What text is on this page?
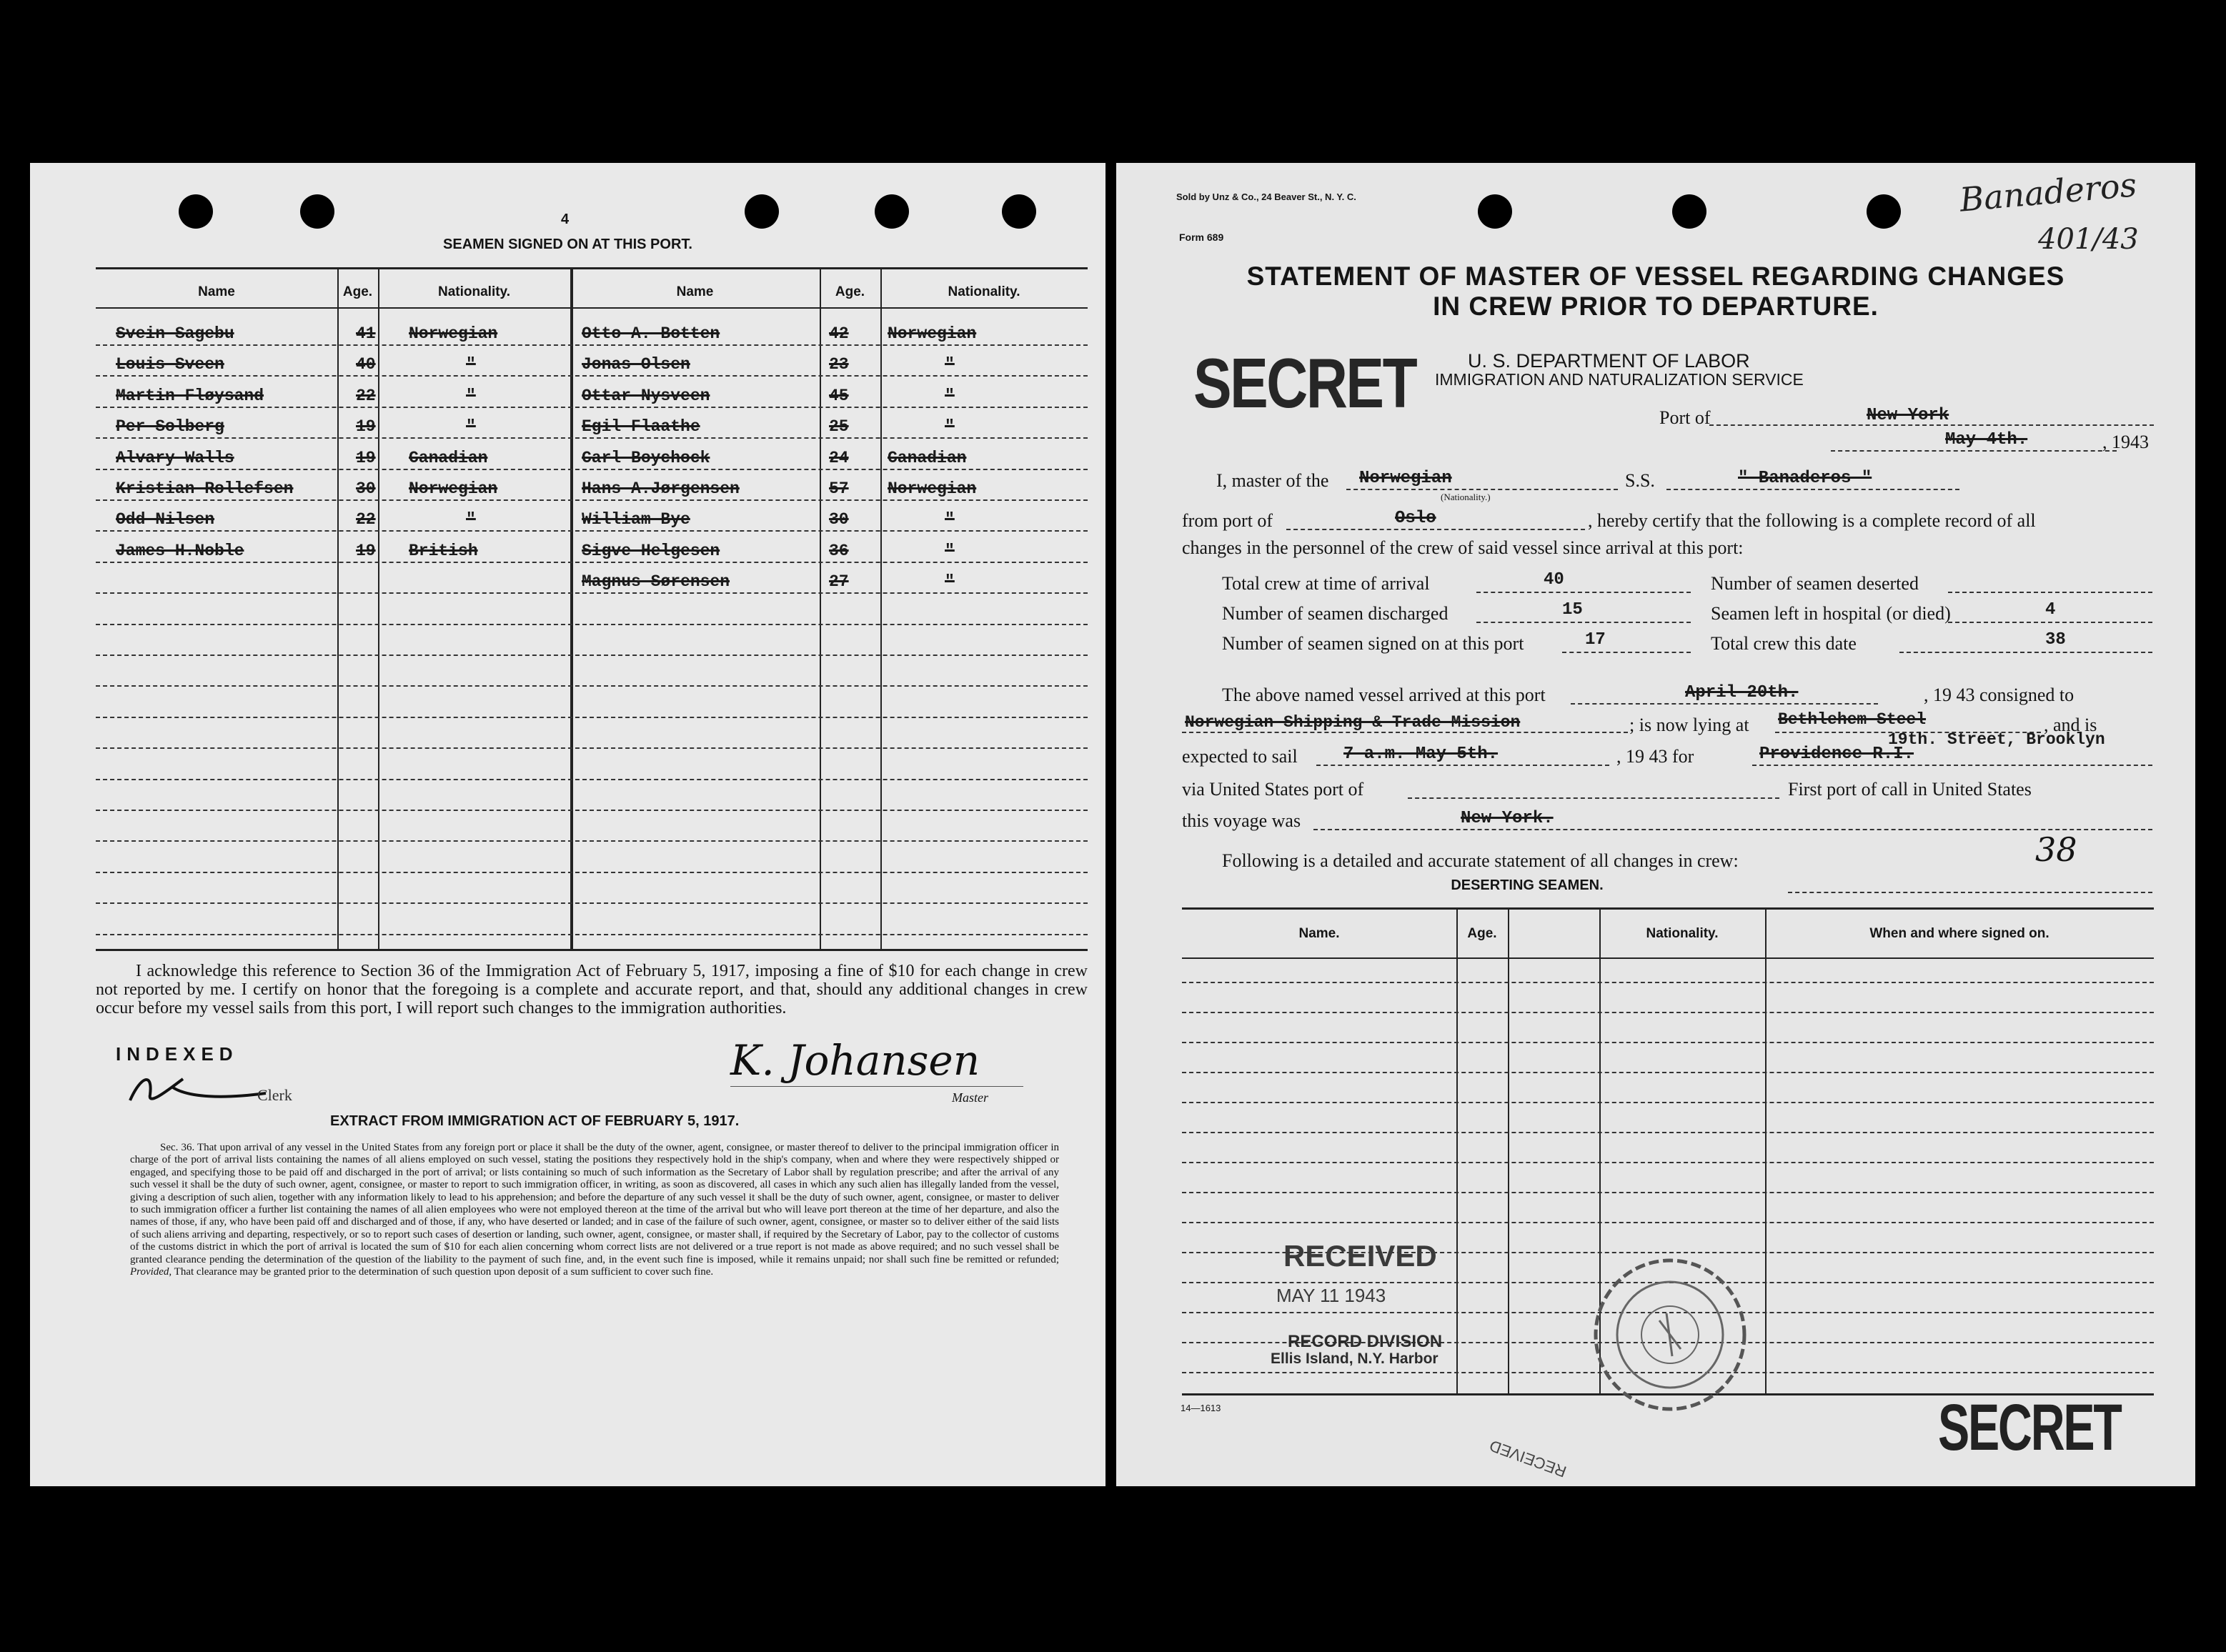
4
SEAMEN SIGNED ON AT THIS PORT.
Name	Age.	Nationality.	Name	Age.	Nationality.
Svein Sagebu	41 Norwegian
Louis Sveen	40	"
Martin Fløysand	22	"
Per Solberg	19	"
Alvary Walls	19 Canadian
Kristian Rollefsen	30 Norwegian
Odd Nilsen	22	"
James H.Noble	19 British
Otto A. Botten	42 Norwegian
Jonas Olsen	23	"
Ottar Nysveen	45	"
Egil Flaathe	25	"
Carl Boychock	24 Canadian
Hans A.Jørgensen	57 Norwegian
William Bye	30	"
Sigve Helgesen	36	"
Magnus Sørensen	27	"
I acknowledge this reference to Section 36 of the Immigration Act of February 5, 1917, imposing a fine of $10 for each change in crew not reported by me. I certify on honor that the foregoing is a complete and accurate report, and that, should any additional changes in crew occur before my vessel sails from this port, I will report such changes to the immigration authorities.
INDEXED
Clerk
K. Johansen
Master
EXTRACT FROM IMMIGRATION ACT OF FEBRUARY 5, 1917.
Sec. 36. That upon arrival of any vessel in the United States from any foreign port or place it shall be the duty of the owner, agent, consignee, or master thereof to deliver to the principal immigration officer in charge of the port of arrival lists containing the names of all aliens employed on such vessel, stating the positions they respectively hold in the ship's company, when and where they were respectively shipped or engaged, and specifying those to be paid off and discharged in the port of arrival; or lists containing so much of such information as the Secretary of Labor shall by regulation prescribe; and after the arrival of any such vessel it shall be the duty of such owner, agent, consignee, or master to report to such immigration officer, in writing, as soon as discovered, all cases in which any such alien has illegally landed from the vessel, giving a description of such alien, together with any information likely to lead to his apprehension; and before the departure of any such vessel it shall be the duty of such owner, agent, consignee, or master to deliver to such immigration officer a further list containing the names of all alien employees who were not employed thereon at the time of the arrival but who will leave port thereon at the time of her departure, and also the names of those, if any, who have been paid off and discharged and of those, if any, who have deserted or landed; and in case of the failure of such owner, agent, consignee, or master so to deliver either of the said lists of such aliens arriving and departing, respectively, or so to report such cases of desertion or landing, such owner, agent, consignee, or master shall, if required by the Secretary of Labor, pay to the collector of customs of the customs district in which the port of arrival is located the sum of $10 for each alien concerning whom correct lists are not delivered or a true report is not made as above required; and no such vessel shall be granted clearance pending the determination of the question of the liability to the payment of such fine, and, in the event such fine is imposed, while it remains unpaid; nor shall such fine be remitted or refunded; Provided, That clearance may be granted prior to the determination of such question upon deposit of a sum sufficient to cover such fine.
Sold by Unz & Co., 24 Beaver St., N. Y. C.	Banaderos
401/43
Form 689
STATEMENT OF MASTER OF VESSEL REGARDING CHANGES
IN CREW PRIOR TO DEPARTURE.
SECRET	U. S. DEPARTMENT OF LABOR
IMMIGRATION AND NATURALIZATION SERVICE
Port of	New York
May 4th.	, 1943
I, master of the Norwegian
(Nationality.)
S.S.	" Banaderos "
from port of	Oslo	, hereby certify that the following is a complete record of all
changes in the personnel of the crew of said vessel since arrival at this port:
Total crew at time of arrival	40	Number of seamen deserted
Number of seamen discharged	15	Seamen left in hospital (or died)	4
Number of seamen signed on at this port	17	Total crew this date	38
The above named vessel arrived at this port	April 20th.	, 19 43 consigned to
Norwegian Shipping & Trade Mission	; is now lying at Bethlehem Steel
19th. Street, Brooklyn
, and is
expected to sail	7 a.m. May 5th.	, 19 43 for	Providence R.I.
via United States port of	First port of call in United States
this voyage was	New York.
38
Following is a detailed and accurate statement of all changes in crew:
DESERTING SEAMEN.
Name.	Age.	Nationality.	When and where signed on.
RECEIVED
MAY 11 1943
RECORD DIVISION
Ellis Island, N.Y. Harbor
14—1613
RECEIVED	SECRET
